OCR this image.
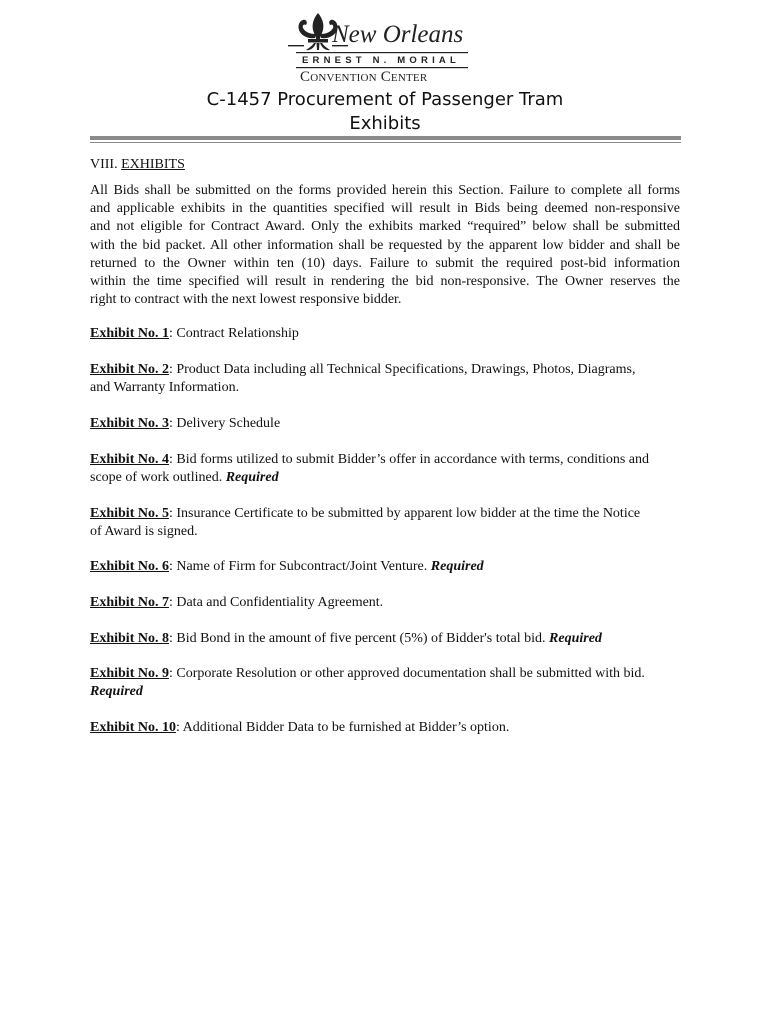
New Orleans
ERNEST N. MORIAL
Convention Center
C-1457 Procurement of Passenger Tram
Exhibits
VIII. EXHIBITS
All Bids shall be submitted on the forms provided herein this Section. Failure to complete all forms
and applicable exhibits in the quantities specified will result in Bids being deemed non-responsive
and not eligible for Contract Award. Only the exhibits marked “required” below shall be submitted
with the bid packet. All other information shall be requested by the apparent low bidder and shall be
returned to the Owner within ten (10) days. Failure to submit the required post-bid information
within the time specified will result in rendering the bid non-responsive. The Owner reserves the
right to contract with the next lowest responsive bidder.
Exhibit No. 1: Contract Relationship
Exhibit No. 2: Product Data including all Technical Specifications, Drawings, Photos, Diagrams,
and Warranty Information.
Exhibit No. 3: Delivery Schedule
Exhibit No. 4: Bid forms utilized to submit Bidder’s offer in accordance with terms, conditions and
scope of work outlined. Required
Exhibit No. 5: Insurance Certificate to be submitted by apparent low bidder at the time the Notice
of Award is signed.
Exhibit No. 6: Name of Firm for Subcontract/Joint Venture. Required
Exhibit No. 7: Data and Confidentiality Agreement.
Exhibit No. 8: Bid Bond in the amount of five percent (5%) of Bidder's total bid. Required
Exhibit No. 9: Corporate Resolution or other approved documentation shall be submitted with bid.
Required
Exhibit No. 10: Additional Bidder Data to be furnished at Bidder’s option.
